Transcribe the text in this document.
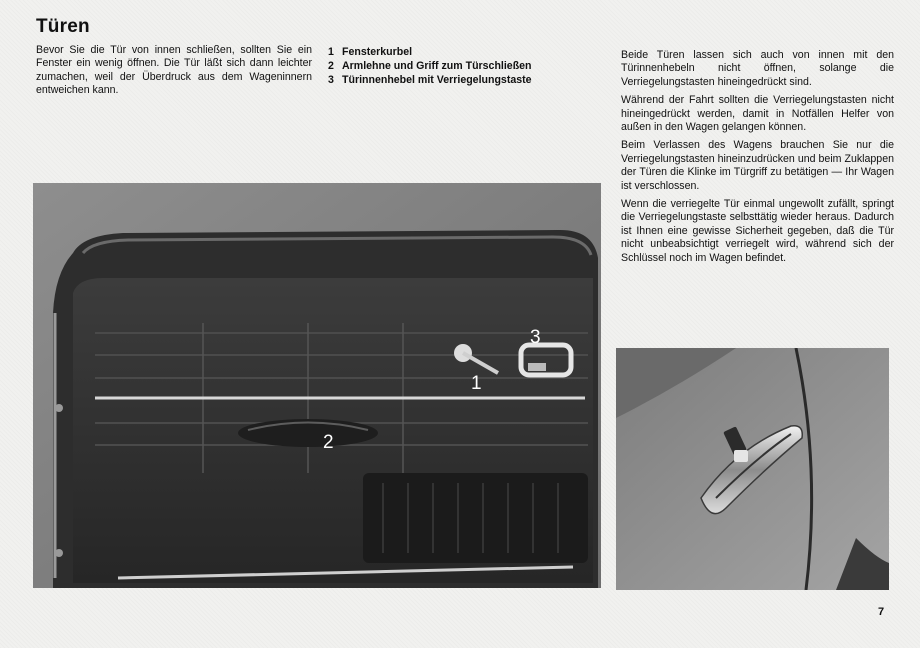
Türen

Bevor Sie die Tür von innen schließen, sollten Sie ein Fenster ein wenig öffnen. Die Tür läßt sich dann leichter zumachen, weil der Überdruck aus dem Wageninnern entweichen kann.

1 Fensterkurbel
2 Armlehne und Griff zum Türschließen
3 Türinnenhebel mit Verriegelungstaste

Beide Türen lassen sich auch von innen mit den Türinnenhebeln nicht öffnen, solange die Verriegelungstasten hineingedrückt sind.

Während der Fahrt sollten die Verriegelungstasten nicht hineingedrückt werden, damit in Notfällen Helfer von außen in den Wagen gelangen können.

Beim Verlassen des Wagens brauchen Sie nur die Verriegelungstasten hineinzudrücken und beim Zuklappen der Türen die Klinke im Türgriff zu betätigen — Ihr Wagen ist verschlossen.

Wenn die verriegelte Tür einmal ungewollt zufällt, springt die Verriegelungstaste selbsttätig wieder heraus. Dadurch ist Ihnen eine gewisse Sicherheit gegeben, daß die Tür nicht unbeabsichtigt verriegelt wird, während sich der Schlüssel noch im Wagen befindet.

1
2
3
7
